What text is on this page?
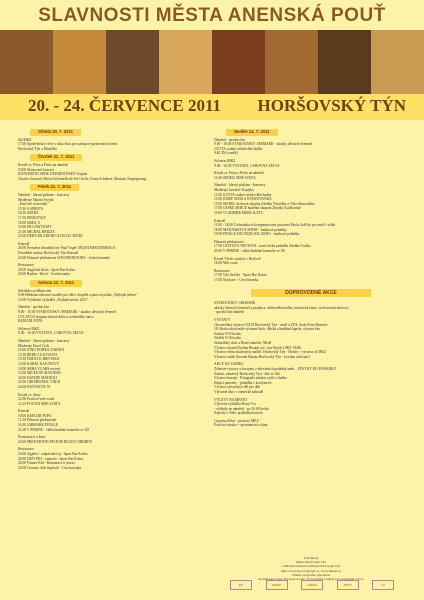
SLAVNOSTI MĚSTA ANENSKÁ POUŤ
20. - 24. ČERVENCE 2011 HORŠOVSKÝ TÝN
Středa 20. 7. 2011
Sál MKZ
17.00 Společenský večer s tiskovkou pro zástupce partnerských měst
Horšovský Týn a Mnetěšín
Čtvrtek 21. 7. 2011
Kostel sv. Petra a Pavla na náměstí
19.00 Slavnostní koncert
KONCERTNÍ SBOR ZÁPADOČESKÝ Šrajtán
Charles Gounod: Messe Solennelle de Ste Cécile, Franz Schubert: Mariano Siegergesang
Pátek 22. 7. 2011
Náměstí - hlavní pódium - koncerty
Moderuje Martin Švejda
„Pouťové rockování"
15.30 A SPIRITS
16.30 ARTRA
17.30 PIERCINGY
18.00 SIMIL X
19.00 FILLOWTIGHT
21.00 MICHAL BRIZZA
23.00 DĚDA MLADÉHO ILLEGAL BAND
Kinosál
20.00 Premiéra divadelní hry Paul Vogel: MUJSTARŠÍ ŘEMESLO
Divadelní soubor Horšovský Týn Kinosál
23.00 Filmové představení WESTERNSTORY - česká komedie
Restaurace
20.00 Anglická škola - Sport Bar Kobra
20.00 Barbus - Rock - Čerchovanka
Sobota 23. 7. 2011
Středisko za hřbitovem
9.00 Hledáme zábavné soutěže pro děti i dospělé a putovní pohár „Nejlepší město"
13.00 Vyhlášení výsledků „Nejlepší město 2011"
Náměstí - spodní část
9.00 - 18.00 STAROČESKÝ JARMARK - ukázky dávných řemesel
UČLÁVUŠ skupina historického a scénického tance
KEJKLÍŘ PŮPA
Sál mezi MKZ
9.00 - 16.00 VÝSTAVA, ČÁROVNÁ ŽELVA
Náměstí - hlavní pódium - koncerty
Moderuje Pavel Čech
10.00 IONO DOBRÁ ZÁBAVA
12.30 BEDÍCI Z KYSOVA
13.30 DODCI K BROTSKA
14.00 KAREL KAJUNOVÝ
18.00 ARRA YCARS revival
19.30 MILES OF MASTERS
20.00 DAVIDE MATIJOLI
22.00 ORCHESTRA, VIKAI
24.00 FANTASTIC W
Kostel sv. Anny
12.00 Pouťové mše svaté
12.15 POUTNÍ MŠE SVATÁ
Kinosál
10.00 KEJKLÍŘ PŮPA
11.30 Filmová představení
16.30 JARMARK FINÁLE
21.00 V PEŘINĚ - velká hudební komedie ve 3D
Prostranství u kina
23.00 PŘEJCHOTNÍ PEČENÉ BUČKY ORDREN
Restaurace
16.00 Sigaller - odpolední čaj - Sport Bar Kobra
20.00 DEJVINO - zmizelo - Sport Bar Kobra
20.00 Fonner Kill - Restaurace u jezera
20.00 Country club Šapítach - Čerchovanka
Neděle 24. 7. 2011
Náměstí - spodní část
9.00 - 18.00 STAROČESKÝ JARMARK - ukázky dávných řemesel
GUTTA soubor středověké hudby
AKCIN (soutěž)
Sál mezi MKZ
9.00 - 16.00 VÝSTAVA, ČÁROVNÁ ŽELVA
Kostel sv. Petra a Pavla na náměstí
10.30 SEDĚLÍ MŠE SVATÁ
Náměstí - hlavní pódium - koncerty
Moderuje Jaroslav Kopejko
11.00 GUTTA soubor středověké hudby
13.00 JOSEF ZIMA A STAWOVANKA
15.00 SEJKEL dechová skupina Zdeňka Vhotčáka a Věra Sázavského
17.00 ČESKÉ SRDCE hudební skupina Zbyňky Kulíkovské
19.00 VLADIMÍR MIŠÍK & ETC
Kinosál
11.00 - 16.00 Úvěrutaktová kompenzovaný putování Pavla, hořčiče pro malé i velké
18.00 MAŇÁSKOVÁ SHOW - loutkové pohádky
19.00 FINÁLE SOUTĚŽE SOLANDO - loutkové pohádky
Filmová představení
17.00 CESTOVÁ NEVĚSTA - nová česká pohádka Zdeňka Troška
20.00 V PEŘINĚ - velká hudební komedie ve 3D
Kostel Všech svatých v Horšově
16.00 Mše svatá
Restaurace
17.00 Vila Anička - Sport Bar Kobra
17.00 Stará pec - Čerchovanka
DOPROVODNÉ AKCE
STAROČESKÝ JARMARK
ukázky dávných řemesel a projekce, středověká hudba, historické tance, ozvěstování dobrovy
- spodní část náměstí
VÝSTAVY
Chovatelská výstava ČSCH Horšovský Týn - areál u ZUŠ, Sady Petra Bezruče
18. Horšovskotýnské výtvarné kolo, dětská a hudební kapela, výstava žen
Sobota 9-18 hodin
Neděle 9-16 hodin
Sklenářský dvůr a Horní náměstí, Modř
Výstava obrazů Pavlína Bisatni roč. von Szyldt (1803-1946)
Výstava velmi zkušených malířů: Horšovský Týn - Horšov - výstava od MKZ
Výstava rodák Antonín Burian Horšovský Týn - borcům oslavující
AKCE NA ZÁMKU
Zábavné výstavy a kostýmy z televizních pohádek aneb... ZPÁTKY DO POHÁDKY
Zámek, zámecký Horšovský Týn - kdo se líbí
Výstava bonsají - Fotografie zámku, rytíři a hudba
Hrající panenky - pohádka v kostýmech
Výstava výtvarných děl pro děti
Výtvarné akce v zámecké zahradě
VÝLETY NA MĚSTO
Výletová vyhlídka Horní Vsi
- výhledy na náměstí - po 10.00 hodin
Zájezdy z Tiště, prohlídka kostela
Čajovna Zižva - prostory MKZ
Pouťové atrakce - prostranství u kina
Pořadatelé
Město Horšovský Týn
a Městské kulturní zařízení Horšovský Týn
http://www.horsovskytyn.cz, www.mkzht.cz
Změna programu vyhrazena
Spolufinancováno Evropskou unií - Evropským fondem pro regionální rozvoj
EU	FOND	ZÁPAD	NÚTS	CZ
